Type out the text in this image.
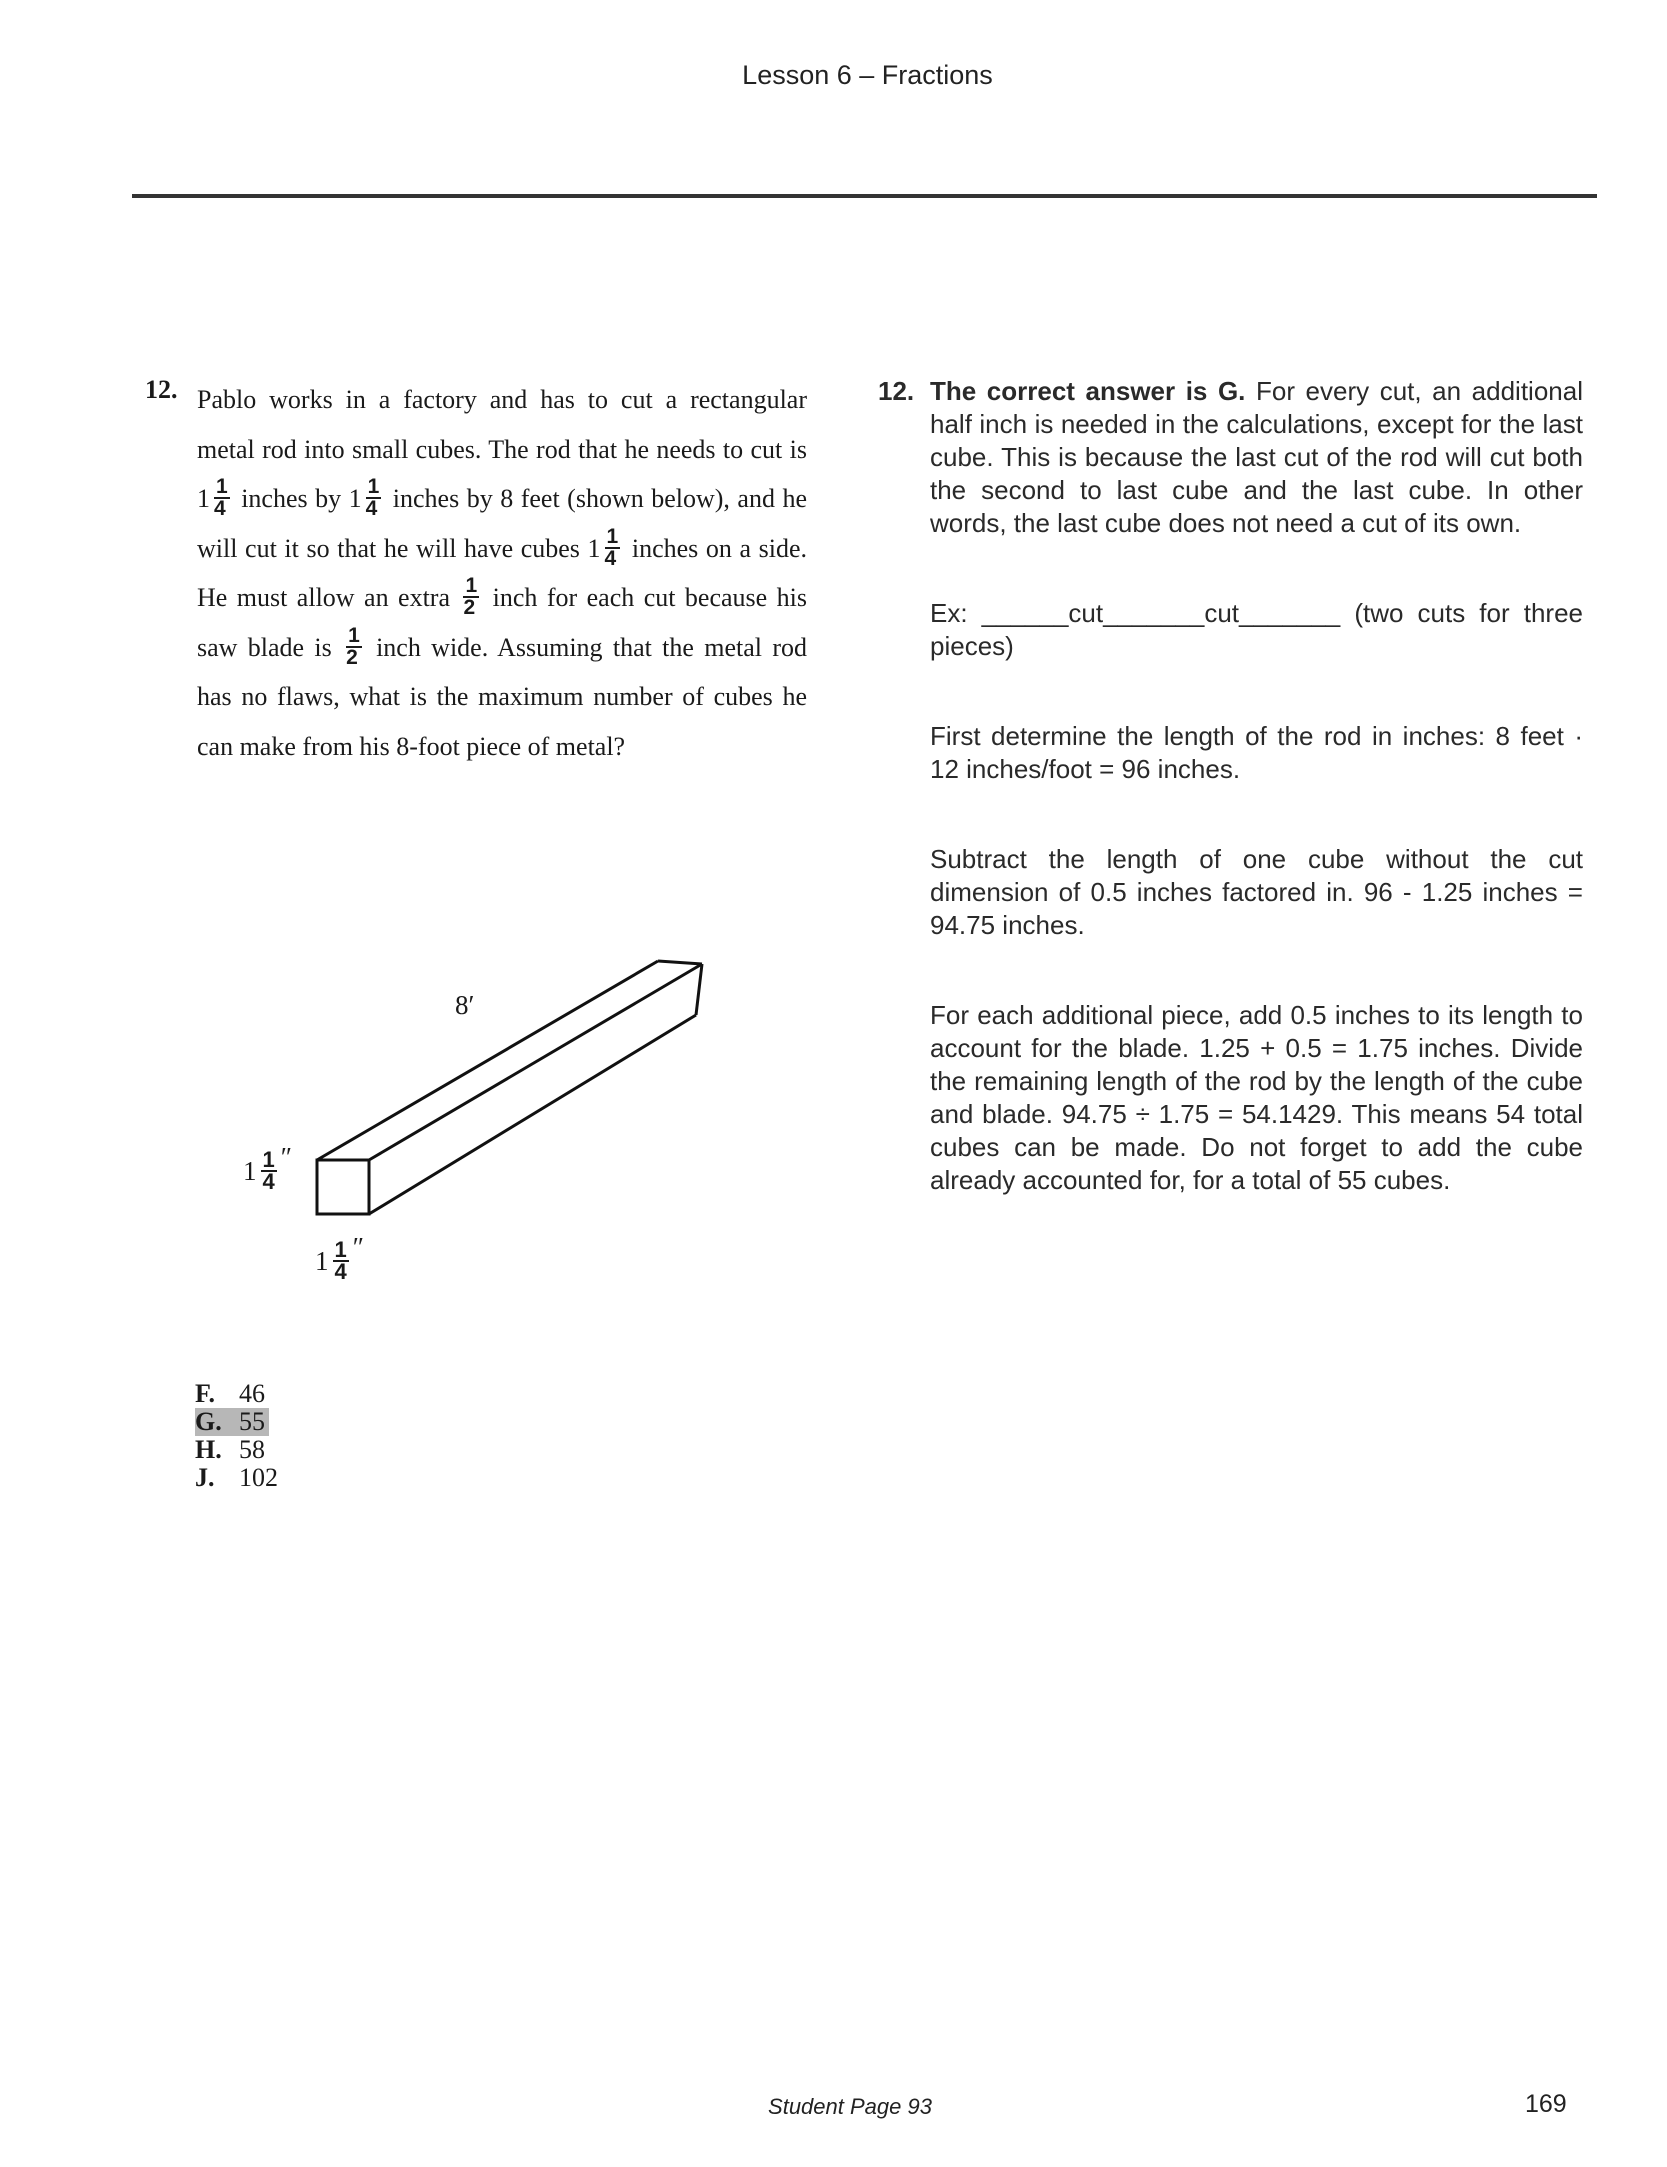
Lesson 6 – Fractions
12. Pablo works in a factory and has to cut a rectangular metal rod into small cubes. The rod that he needs to cut is $1 \frac{1}{4}$ inches by $1 \frac{1}{4}$ inches by 8 feet (shown below), and he will cut it so that he will have cubes $1 \frac{1}{4}$ inches on a side. He must allow an extra $\frac{1}{2}$ inch for each cut because his saw blade is $\frac{1}{2}$ inch wide. Assuming that the metal rod has no flaws, what is the maximum number of cubes he can make from his 8-foot piece of metal?
8′
$1 \frac{1}{4}$ ″
$1 \frac{1}{4}$ ″
F. 46
G. 55
H. 58
J. 102
12. The correct answer is G. For every cut, an additional half inch is needed in the calculations, except for the last cube. This is because the last cut of the rod will cut both the second to last cube and the last cube. In other words, the last cube does not need a cut of its own.

Ex: ______cut_______cut_______ (two cuts for three pieces)

First determine the length of the rod in inches: 8 feet · 12 inches/foot = 96 inches.

Subtract the length of one cube without the cut dimension of 0.5 inches factored in. 96 - 1.25 inches = 94.75 inches.

For each additional piece, add 0.5 inches to its length to account for the blade. 1.25 + 0.5 = 1.75 inches. Divide the remaining length of the rod by the length of the cube and blade. 94.75 ÷ 1.75 = 54.1429. This means 54 total cubes can be made. Do not forget to add the cube already accounted for, for a total of 55 cubes.

Student Page 93	169
